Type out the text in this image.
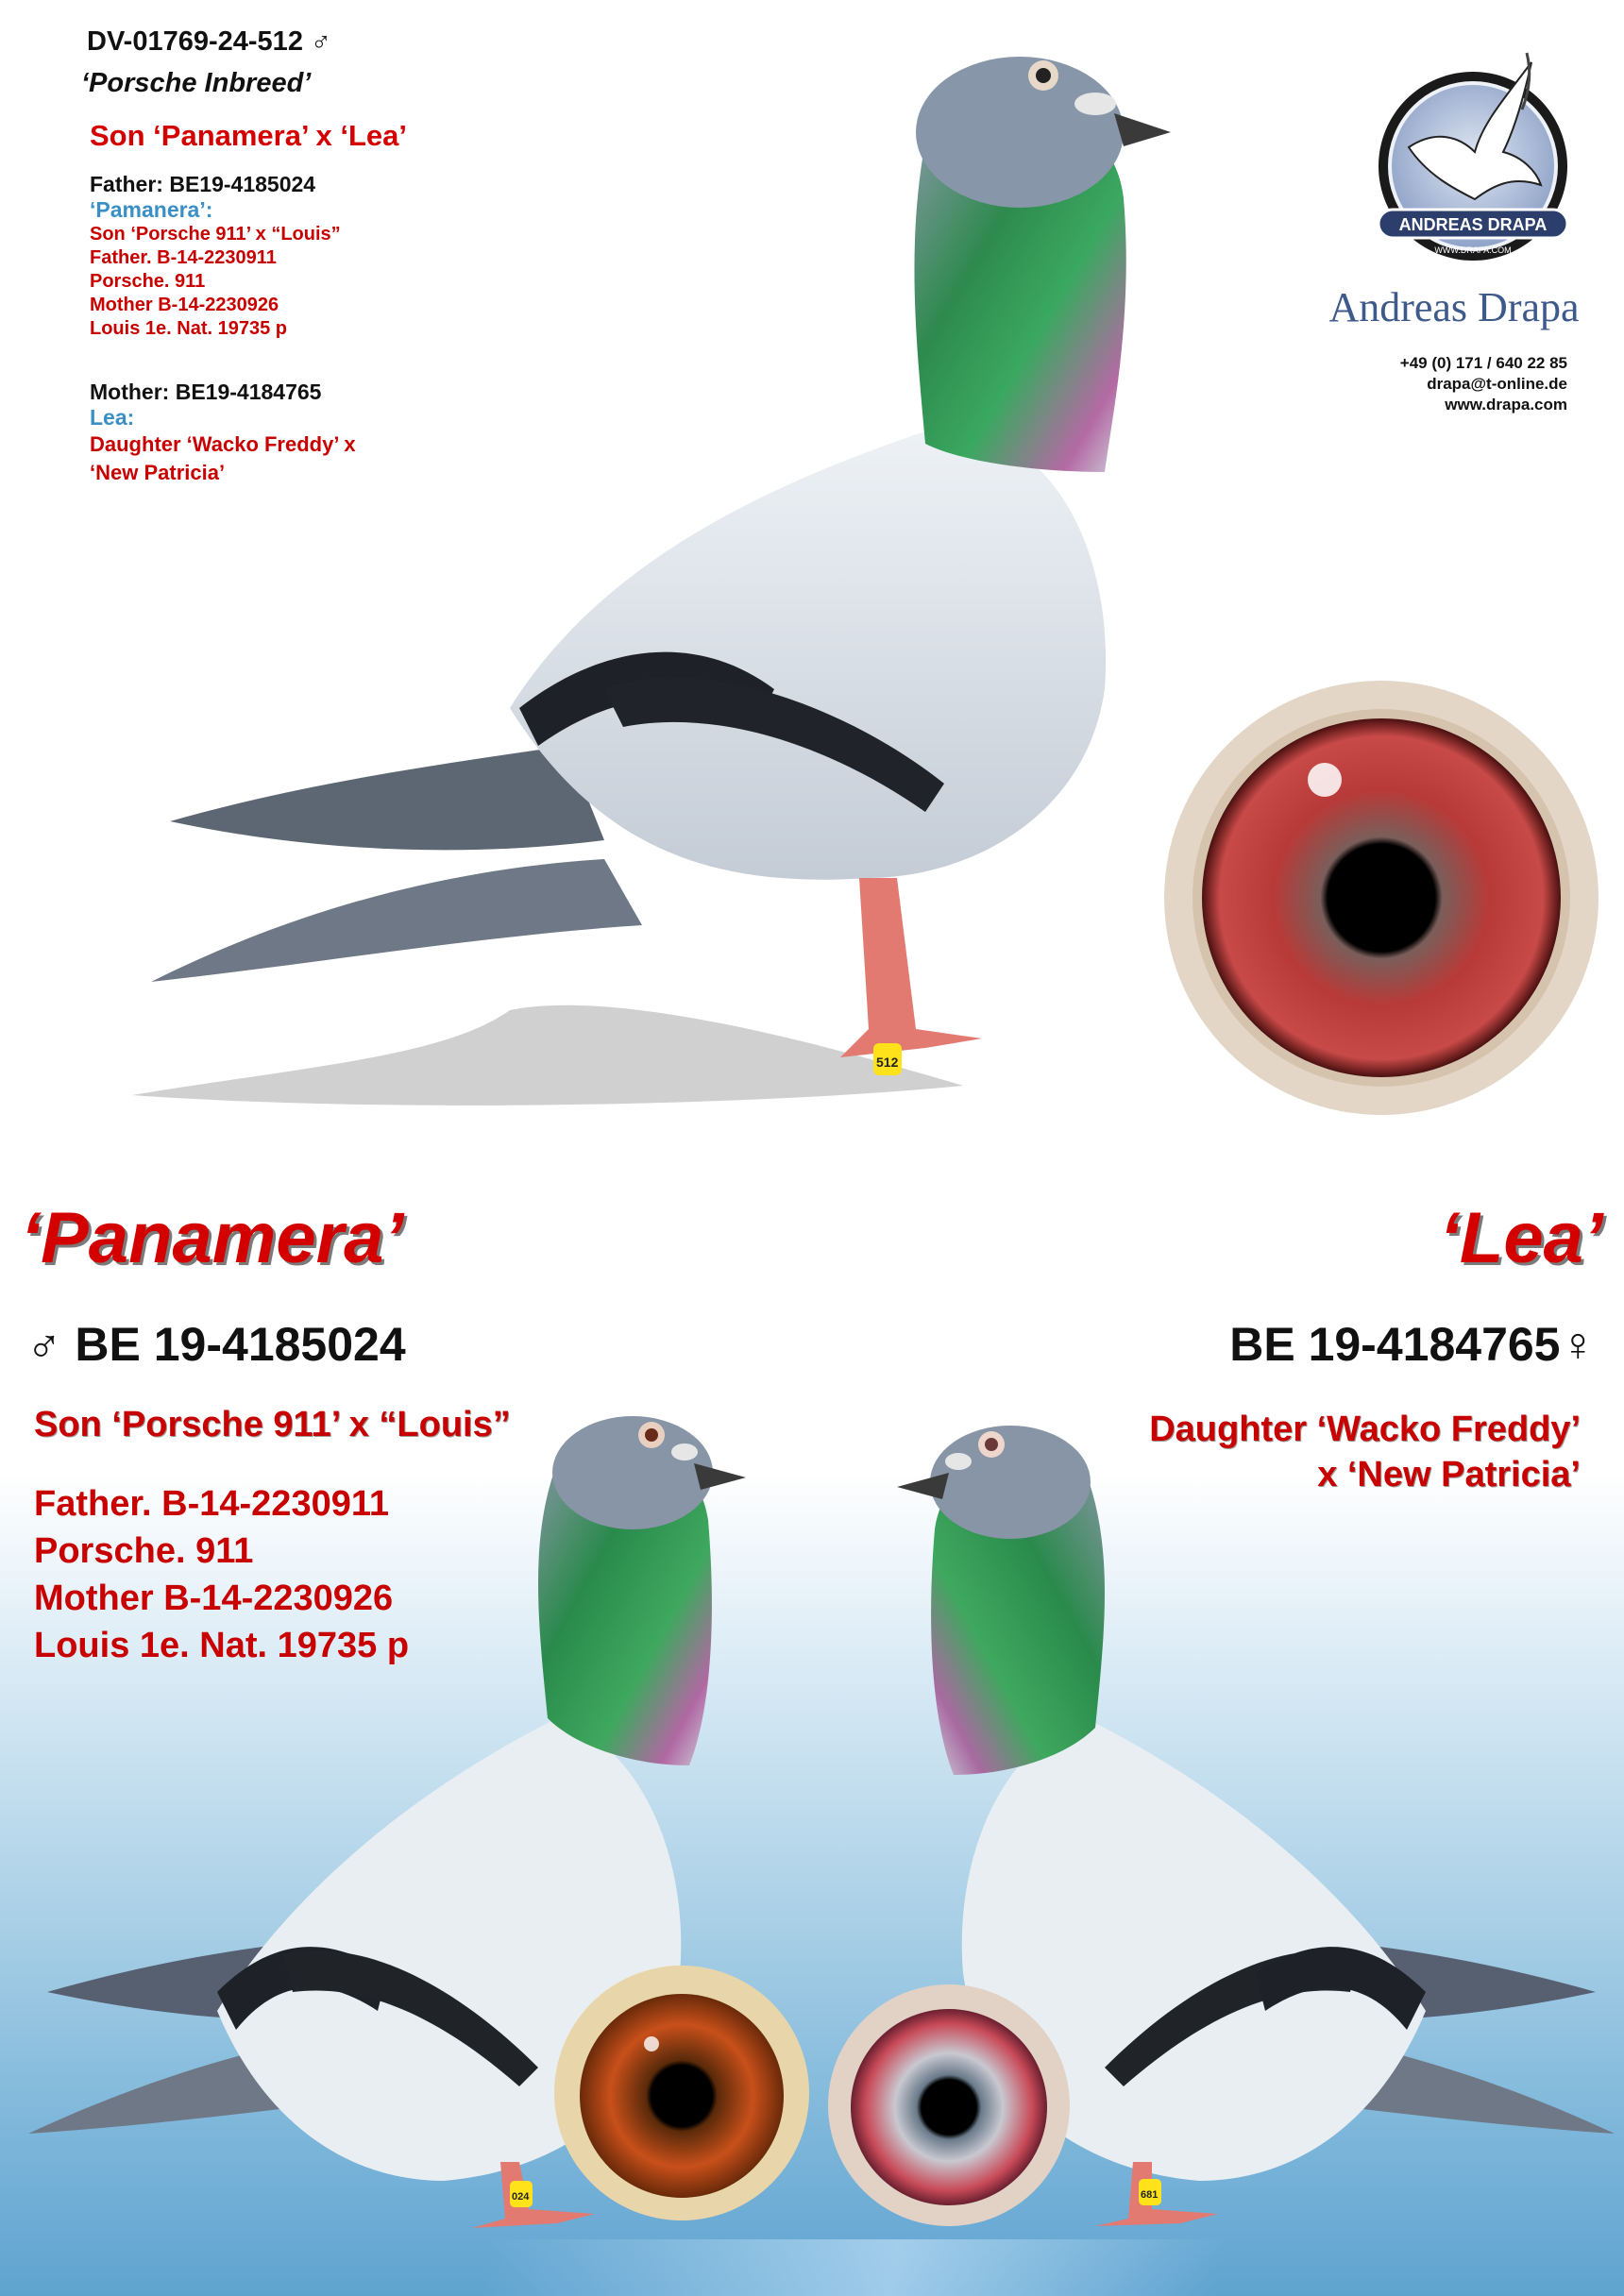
DV-01769-24-512 ♂
‘Porsche Inbreed’
Son ‘Panamera’ x ‘Lea’
Father: BE19-4185024
‘Pamanera’:
Son ‘Porsche 911’ x “Louis”
Father. B-14-2230911
Porsche. 911
Mother B-14-2230926
Louis 1e. Nat. 19735 p
Mother: BE19-4184765
Lea:
Daughter ‘Wacko Freddy’ x
‘New Patricia’
ANDREAS DRAPA
WWW.DRAPA.COM
Andreas Drapa
+49 (0) 171 / 640 22 85
drapa@t-online.de
www.drapa.com
512
‘Panamera’	‘Lea’
♂ BE 19-4185024	BE 19-4184765♀
Son ‘Porsche 911’ x “Louis”	Daughter ‘Wacko Freddy’
x ‘New Patricia’
Father. B-14-2230911
Porsche. 911
Mother B-14-2230926
Louis 1e. Nat. 19735 p
024	681
